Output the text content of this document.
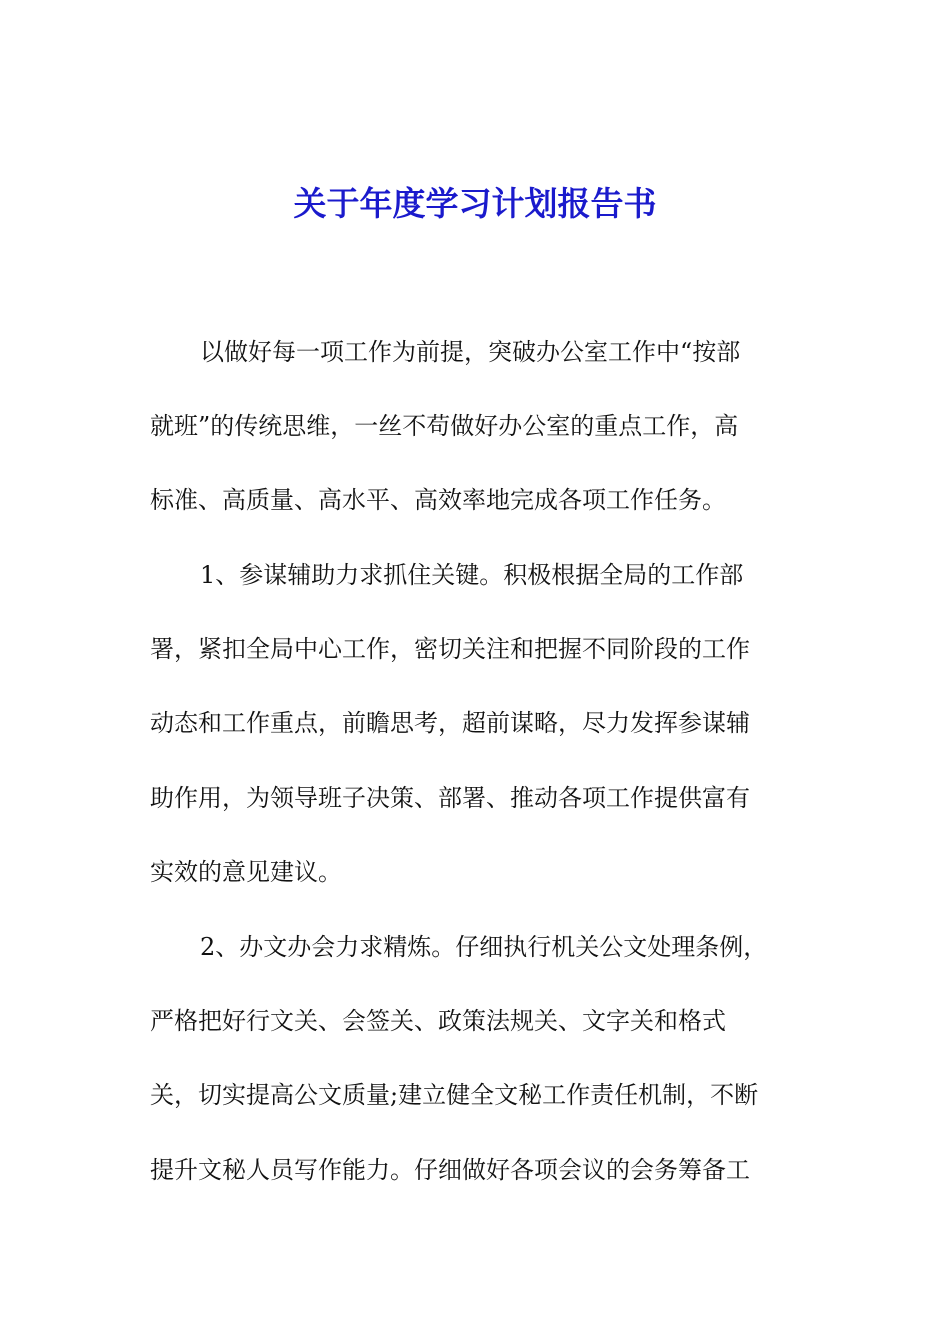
关于年度学习计划报告书

以做好每一项工作为前提，突破办公室工作中“按部

就班”的传统思维，一丝不苟做好办公室的重点工作，高

标准、高质量、高水平、高效率地完成各项工作任务。

1、参谋辅助力求抓住关键。积极根据全局的工作部

署，紧扣全局中心工作，密切关注和把握不同阶段的工作

动态和工作重点，前瞻思考，超前谋略，尽力发挥参谋辅

助作用，为领导班子决策、部署、推动各项工作提供富有

实效的意见建议。

2、办文办会力求精炼。仔细执行机关公文处理条例，

严格把好行文关、会签关、政策法规关、文字关和格式

关，切实提高公文质量;建立健全文秘工作责任机制，不断

提升文秘人员写作能力。仔细做好各项会议的会务筹备工
